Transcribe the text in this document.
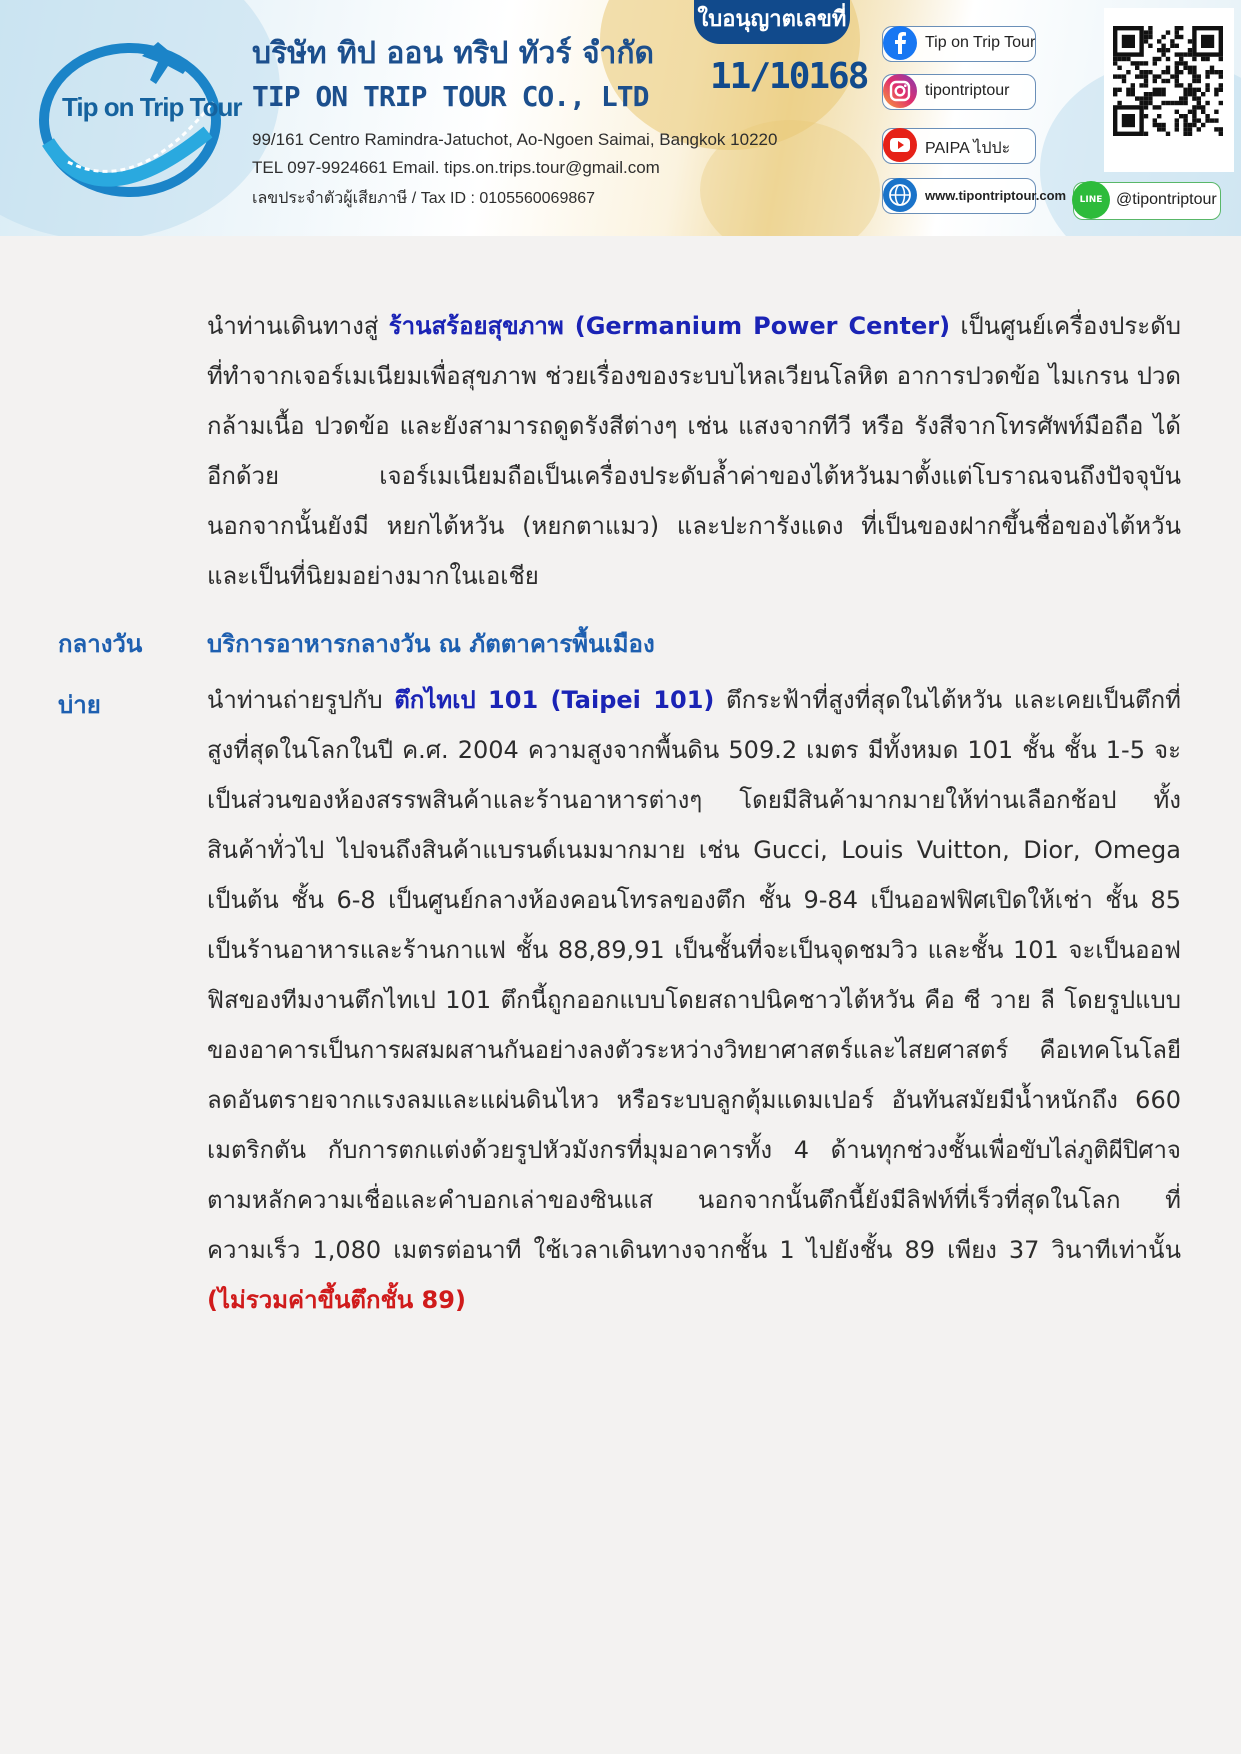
Tip on Trip Tour
บริษัท ทิป ออน ทริป ทัวร์ จำกัด
TIP ON TRIP TOUR CO., LTD
99/161 Centro Ramindra-Jatuchot, Ao-Ngoen Saimai, Bangkok 10220
TEL 097-9924661 Email. tips.on.trips.tour@gmail.com
เลขประจำตัวผู้เสียภาษี / Tax ID : 0105560069867
ใบอนุญาตเลขที่
11/10168
Tip on Trip Tour
tipontriptour
PAIPA ไปปะ
www.tipontriptour.com	LINE @tipontriptour
นำท่านเดินทางสู่ ร้านสร้อยสุขภาพ (Germanium Power Center) เป็นศูนย์เครื่องประดับที่ทำจากเจอร์เมเนียมเพื่อสุขภาพ ช่วยเรื่องของระบบไหลเวียนโลหิต อาการปวดข้อ ไมเกรน ปวดกล้ามเนื้อ ปวดข้อ และยังสามารถดูดรังสีต่างๆ เช่น แสงจากทีวี หรือ รังสีจากโทรศัพท์มือถือ ได้อีกด้วย เจอร์เมเนียมถือเป็นเครื่องประดับล้ำค่าของไต้หวันมาตั้งแต่โบราณจนถึงปัจจุบัน นอกจากนั้นยังมี หยกไต้หวัน (หยกตาแมว) และปะการังแดง ที่เป็นของฝากขึ้นชื่อของไต้หวันและเป็นที่นิยมอย่างมากในเอเชีย
กลางวัน	บริการอาหารกลางวัน ณ ภัตตาคารพื้นเมือง
บ่าย	นำท่านถ่ายรูปกับ ตึกไทเป 101 (Taipei 101) ตึกระฟ้าที่สูงที่สุดในไต้หวัน และเคยเป็นตึกที่สูงที่สุดในโลกในปี ค.ศ. 2004 ความสูงจากพื้นดิน 509.2 เมตร มีทั้งหมด 101 ชั้น ชั้น 1-5 จะเป็นส่วนของห้องสรรพสินค้าและร้านอาหารต่างๆ โดยมีสินค้ามากมายให้ท่านเลือกช้อป ทั้งสินค้าทั่วไป ไปจนถึงสินค้าแบรนด์เนมมากมาย เช่น Gucci, Louis Vuitton, Dior, Omega เป็นต้น ชั้น 6-8 เป็นศูนย์กลางห้องคอนโทรลของตึก ชั้น 9-84 เป็นออฟฟิศเปิดให้เช่า ชั้น 85 เป็นร้านอาหารและร้านกาแฟ ชั้น 88,89,91 เป็นชั้นที่จะเป็นจุดชมวิว และชั้น 101 จะเป็นออฟฟิสของทีมงานตึกไทเป 101 ตึกนี้ถูกออกแบบโดยสถาปนิคชาวไต้หวัน คือ ซี วาย ลี โดยรูปแบบของอาคารเป็นการผสมผสานกันอย่างลงตัวระหว่างวิทยาศาสตร์และไสยศาสตร์ คือเทคโนโลยีลดอันตรายจากแรงลมและแผ่นดินไหว หรือระบบลูกตุ้มแดมเปอร์ อันทันสมัยมีน้ำหนักถึง 660 เมตริกตัน กับการตกแต่งด้วยรูปหัวมังกรที่มุมอาคารทั้ง 4 ด้านทุกช่วงชั้นเพื่อขับไล่ภูติผีปิศาจ ตามหลักความเชื่อและคำบอกเล่าของซินแส นอกจากนั้นตึกนี้ยังมีลิฟท์ที่เร็วที่สุดในโลก ที่ความเร็ว 1,080 เมตรต่อนาที ใช้เวลาเดินทางจากชั้น 1 ไปยังชั้น 89 เพียง 37 วินาทีเท่านั้น (ไม่รวมค่าขึ้นตึกชั้น 89)
